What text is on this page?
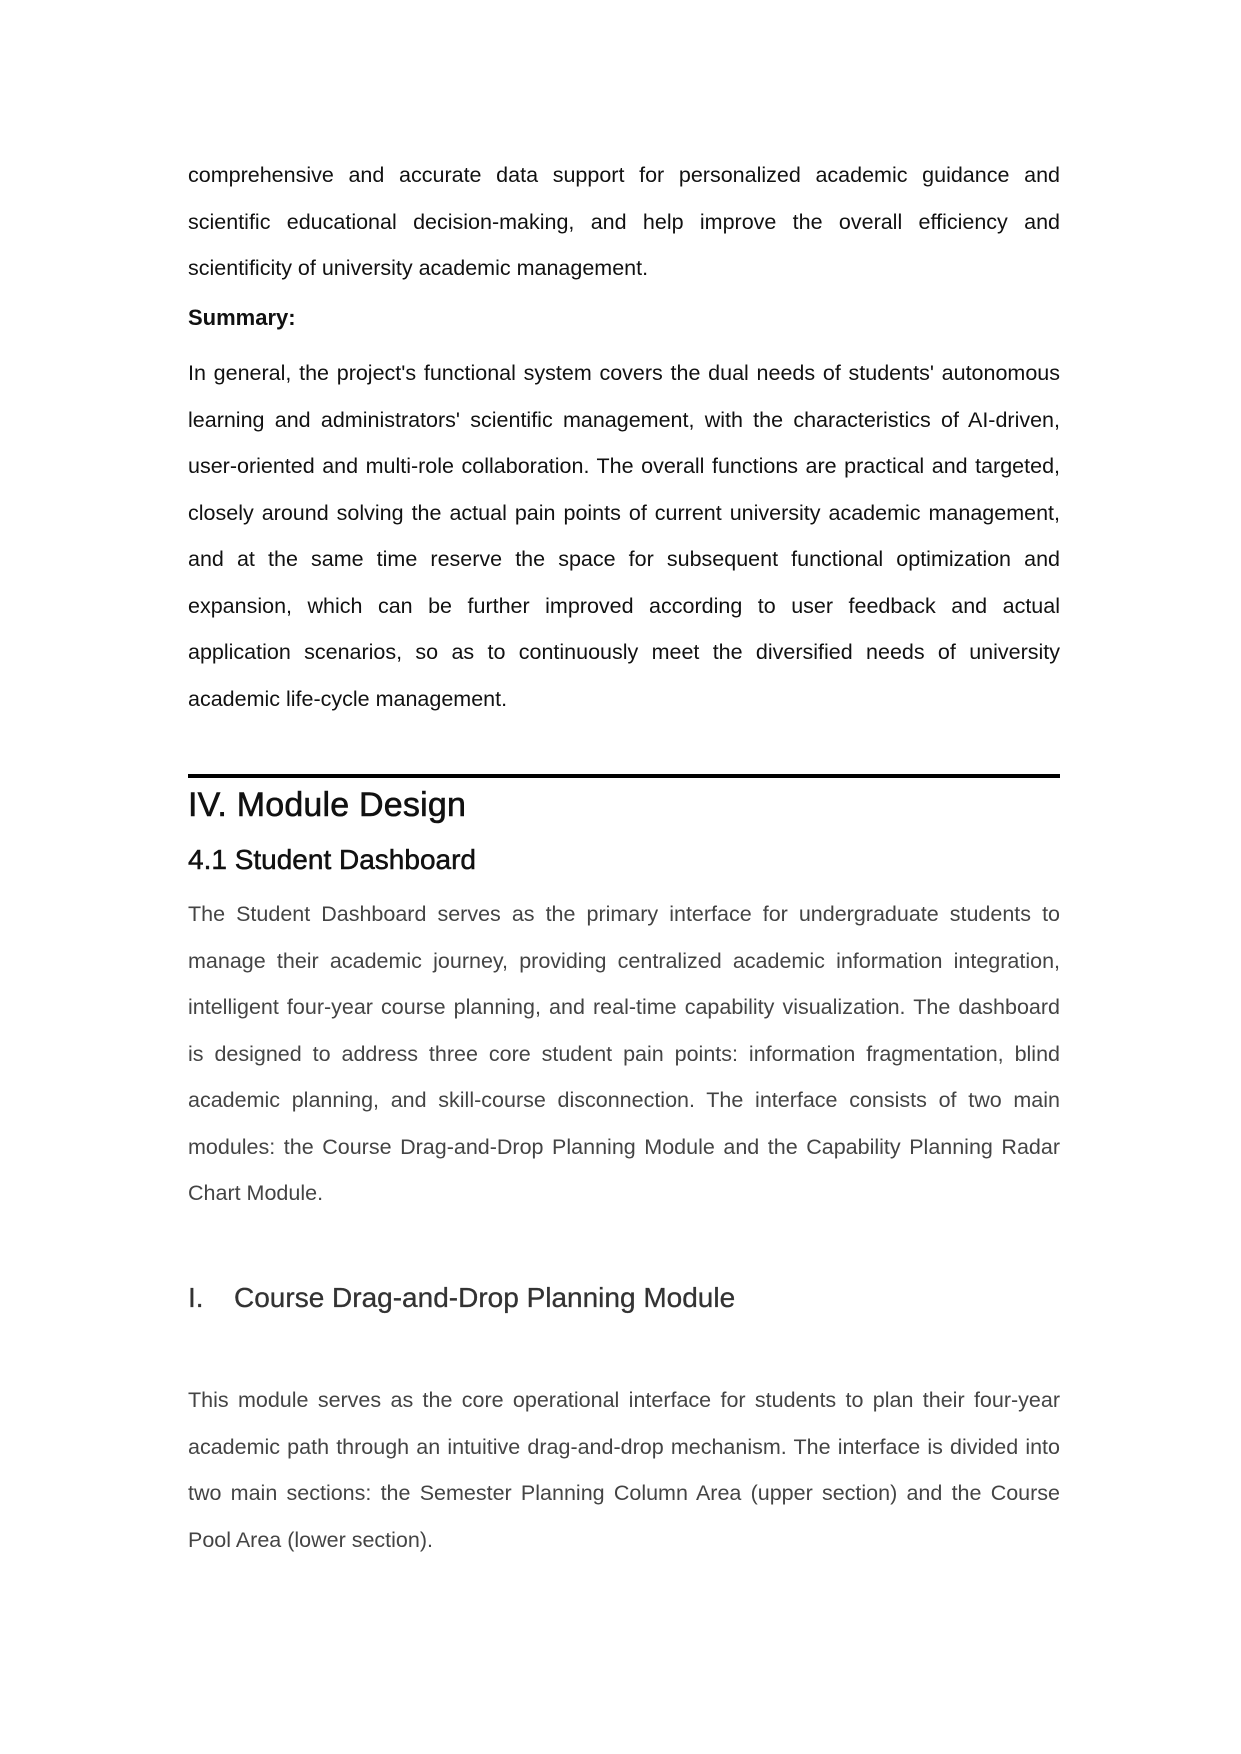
comprehensive and accurate data support for personalized academic guidance and scientific educational decision-making, and help improve the overall efficiency and scientificity of university academic management.

Summary:

In general, the project's functional system covers the dual needs of students' autonomous learning and administrators' scientific management, with the characteristics of AI-driven, user-oriented and multi-role collaboration. The overall functions are practical and targeted, closely around solving the actual pain points of current university academic management, and at the same time reserve the space for subsequent functional optimization and expansion, which can be further improved according to user feedback and actual application scenarios, so as to continuously meet the diversified needs of university academic life-cycle management.

IV. Module Design
4.1 Student Dashboard

The Student Dashboard serves as the primary interface for undergraduate students to manage their academic journey, providing centralized academic information integration, intelligent four-year course planning, and real-time capability visualization. The dashboard is designed to address three core student pain points: information fragmentation, blind academic planning, and skill-course disconnection. The interface consists of two main modules: the Course Drag-and-Drop Planning Module and the Capability Planning Radar Chart Module.

I. Course Drag-and-Drop Planning Module

This module serves as the core operational interface for students to plan their four-year academic path through an intuitive drag-and-drop mechanism. The interface is divided into two main sections: the Semester Planning Column Area (upper section) and the Course Pool Area (lower section).
